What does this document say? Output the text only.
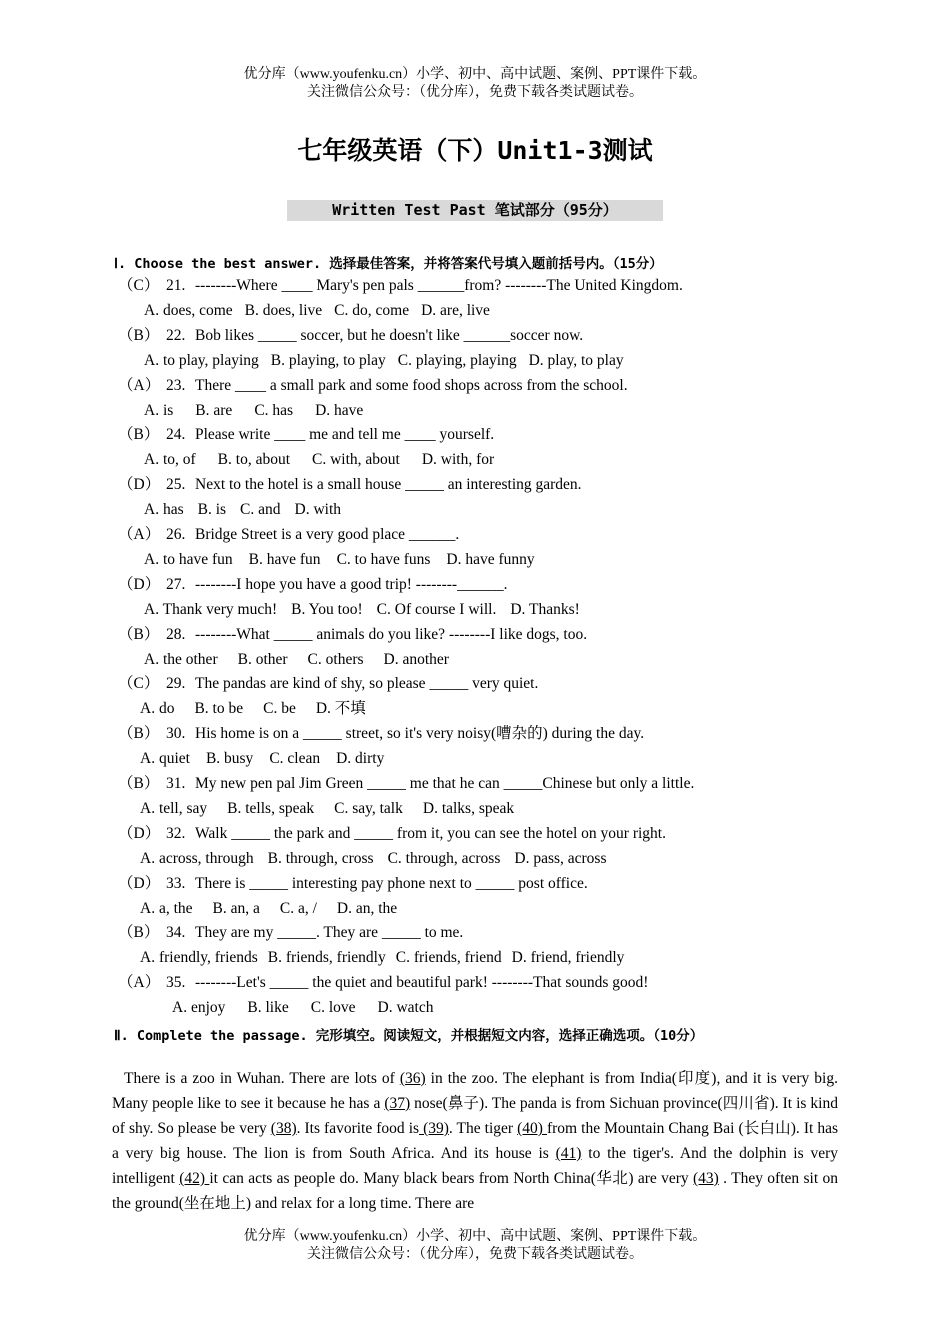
优分库（www.youfenku.cn）小学、初中、高中试题、案例、PPT课件下载。
关注微信公众号：（优分库），免费下载各类试题试卷。
七年级英语（下）Unit1-3测试
Written Test Past 笔试部分（95分）
Ⅰ. Choose the best answer. 选择最佳答案，并将答案代号填入题前括号内。（15分）
（C） 21. --------Where ____ Mary's pen pals ______from? --------The United Kingdom.
A. does, come B. does, live C. do, come D. are, live
（B） 22. Bob likes _____ soccer, but he doesn't like ______soccer now.
A. to play, playing B. playing, to play C. playing, playing D. play, to play
（A） 23. There ____ a small park and some food shops across from the school.
A. is B. are C. has D. have
（B） 24. Please write ____ me and tell me ____ yourself.
A. to, of B. to, about C. with, about D. with, for
（D） 25. Next to the hotel is a small house _____ an interesting garden.
A. has B. is C. and D. with
（A） 26. Bridge Street is a very good place ______.
A. to have fun B. have fun C. to have funs D. have funny
（D） 27. --------I hope you have a good trip! --------______.
A. Thank very much! B. You too! C. Of course I will. D. Thanks!
（B） 28. --------What _____ animals do you like? --------I like dogs, too.
A. the other B. other C. others D. another
（C） 29. The pandas are kind of shy, so please _____ very quiet.
A. do B. to be C. be D. 不填
（B） 30. His home is on a _____ street, so it's very noisy(嘈杂的) during the day.
A. quiet B. busy C. clean D. dirty
（B） 31. My new pen pal Jim Green _____ me that he can _____Chinese but only a little.
A. tell, say B. tells, speak C. say, talk D. talks, speak
（D） 32. Walk _____ the park and _____ from it, you can see the hotel on your right.
A. across, through B. through, cross C. through, across D. pass, across
（D） 33. There is _____ interesting pay phone next to _____ post office.
A. a, the B. an, a C. a, / D. an, the
（B） 34. They are my _____. They are _____ to me.
A. friendly, friends B. friends, friendly C. friends, friend D. friend, friendly
（A） 35. --------Let's _____ the quiet and beautiful park! --------That sounds good!
A. enjoy B. like C. love D. watch
Ⅱ. Complete the passage. 完形填空。阅读短文，并根据短文内容，选择正确选项。（10分）
There is a zoo in Wuhan. There are lots of (36) in the zoo. The elephant is from India(印度), and it is very big. Many people like to see it because he has a (37) nose(鼻子). The panda is from Sichuan province(四川省). It is kind of shy. So please be very (38). Its favorite food is (39). The tiger (40) from the Mountain Chang Bai (长白山). It has a very big house. The lion is from South Africa. And its house is (41) to the tiger's. And the dolphin is very intelligent (42) it can acts as people do. Many black bears from North China(华北) are very (43) . They often sit on the ground(坐在地上) and relax for a long time. There are
优分库（www.youfenku.cn）小学、初中、高中试题、案例、PPT课件下载。
关注微信公众号：（优分库），免费下载各类试题试卷。
